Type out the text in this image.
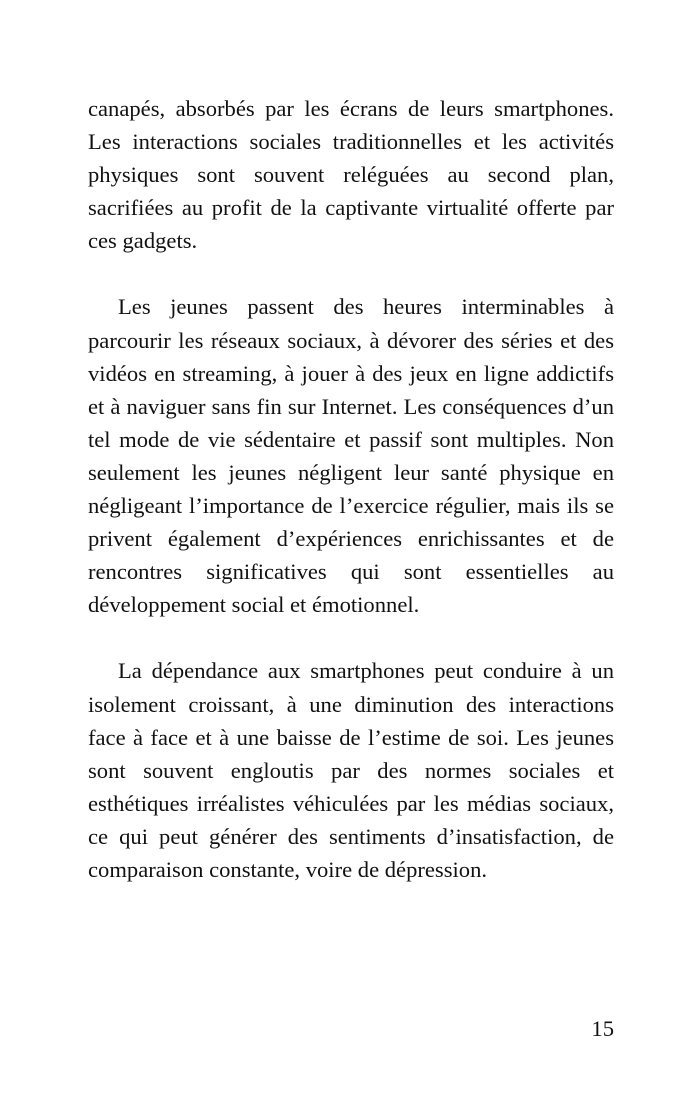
canapés, absorbés par les écrans de leurs smartphones. Les interactions sociales traditionnelles et les activités physiques sont souvent reléguées au second plan, sacrifiées au profit de la captivante virtualité offerte par ces gadgets.

Les jeunes passent des heures interminables à parcourir les réseaux sociaux, à dévorer des séries et des vidéos en streaming, à jouer à des jeux en ligne addictifs et à naviguer sans fin sur Internet. Les conséquences d’un tel mode de vie sédentaire et passif sont multiples. Non seulement les jeunes négligent leur santé physique en négligeant l’importance de l’exercice régulier, mais ils se privent également d’expériences enrichissantes et de rencontres significatives qui sont essentielles au développement social et émotionnel.

La dépendance aux smartphones peut conduire à un isolement croissant, à une diminution des interactions face à face et à une baisse de l’estime de soi. Les jeunes sont souvent engloutis par des normes sociales et esthétiques irréalistes véhiculées par les médias sociaux, ce qui peut générer des sentiments d’insatisfaction, de comparaison constante, voire de dépression.

15
